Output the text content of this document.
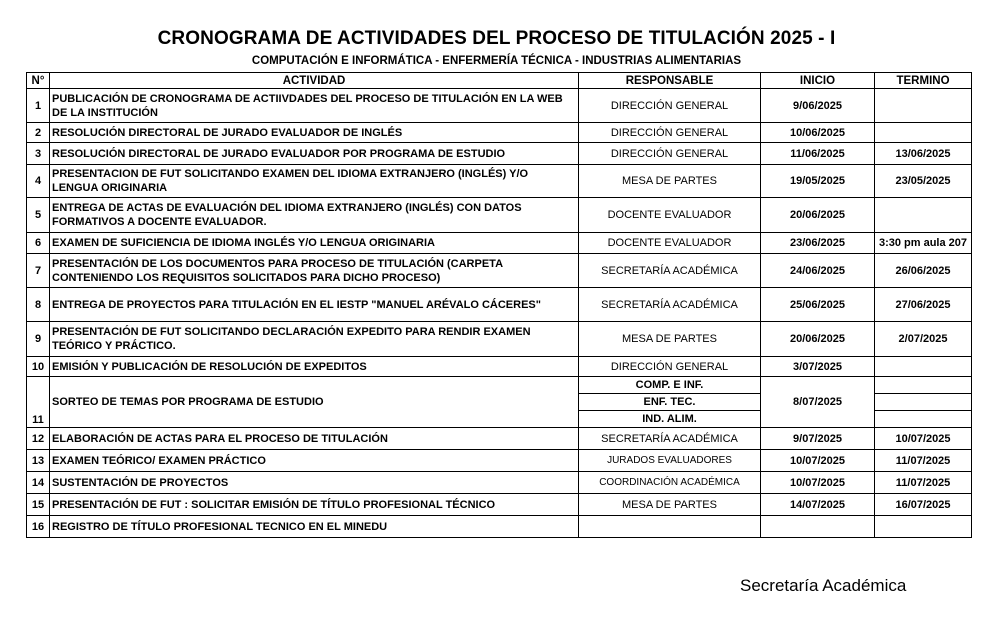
CRONOGRAMA DE ACTIVIDADES DEL PROCESO DE TITULACIÓN 2025 - I
COMPUTACIÓN E INFORMÁTICA - ENFERMERÍA TÉCNICA - INDUSTRIAS ALIMENTARIAS
N°	ACTIVIDAD	RESPONSABLE	INICIO	TERMINO
1	PUBLICACIÓN DE CRONOGRAMA DE ACTIIVDADES DEL PROCESO DE TITULACIÓN EN LA WEB DE LA INSTITUCIÓN	DIRECCIÓN GENERAL	9/06/2025	
2	RESOLUCIÓN DIRECTORAL DE JURADO EVALUADOR DE INGLÉS	DIRECCIÓN GENERAL	10/06/2025	
3	RESOLUCIÓN DIRECTORAL DE JURADO EVALUADOR POR PROGRAMA DE ESTUDIO	DIRECCIÓN GENERAL	11/06/2025	13/06/2025
4	PRESENTACION DE FUT SOLICITANDO EXAMEN DEL IDIOMA EXTRANJERO (INGLÉS) Y/O LENGUA ORIGINARIA	MESA DE PARTES	19/05/2025	23/05/2025
5	ENTREGA DE ACTAS DE EVALUACIÓN DEL IDIOMA EXTRANJERO (INGLÉS) CON DATOS FORMATIVOS A DOCENTE EVALUADOR.	DOCENTE EVALUADOR	20/06/2025	
6	EXAMEN DE SUFICIENCIA DE IDIOMA INGLÉS Y/O LENGUA ORIGINARIA	DOCENTE EVALUADOR	23/06/2025	3:30 pm aula 207
7	PRESENTACIÓN DE LOS DOCUMENTOS PARA PROCESO DE TITULACIÓN (CARPETA CONTENIENDO LOS REQUISITOS SOLICITADOS PARA DICHO PROCESO)	SECRETARÍA ACADÉMICA	24/06/2025	26/06/2025
8	ENTREGA DE PROYECTOS PARA TITULACIÓN EN EL IESTP "MANUEL ARÉVALO CÁCERES"	SECRETARÍA ACADÉMICA	25/06/2025	27/06/2025
9	PRESENTACIÓN DE FUT SOLICITANDO DECLARACIÓN EXPEDITO PARA RENDIR EXAMEN TEÓRICO Y PRÁCTICO.	MESA DE PARTES	20/06/2025	2/07/2025
10	EMISIÓN Y PUBLICACIÓN DE RESOLUCIÓN DE EXPEDITOS	DIRECCIÓN GENERAL	3/07/2025	
11	SORTEO DE TEMAS POR PROGRAMA DE ESTUDIO	COMP. E INF.	8/07/2025	
		ENF. TEC.		
		IND. ALIM.		
12	ELABORACIÓN DE ACTAS PARA EL PROCESO DE TITULACIÓN	SECRETARÍA ACADÉMICA	9/07/2025	10/07/2025
13	EXAMEN TEÓRICO/ EXAMEN PRÁCTICO	JURADOS EVALUADORES	10/07/2025	11/07/2025
14	SUSTENTACIÓN DE PROYECTOS	COORDINACIÓN ACADÉMICA	10/07/2025	11/07/2025
15	PRESENTACIÓN DE FUT : SOLICITAR EMISIÓN DE TÍTULO PROFESIONAL TÉCNICO	MESA DE PARTES	14/07/2025	16/07/2025
16	REGISTRO DE TÍTULO PROFESIONAL TECNICO EN EL MINEDU			
Secretaría Académica
